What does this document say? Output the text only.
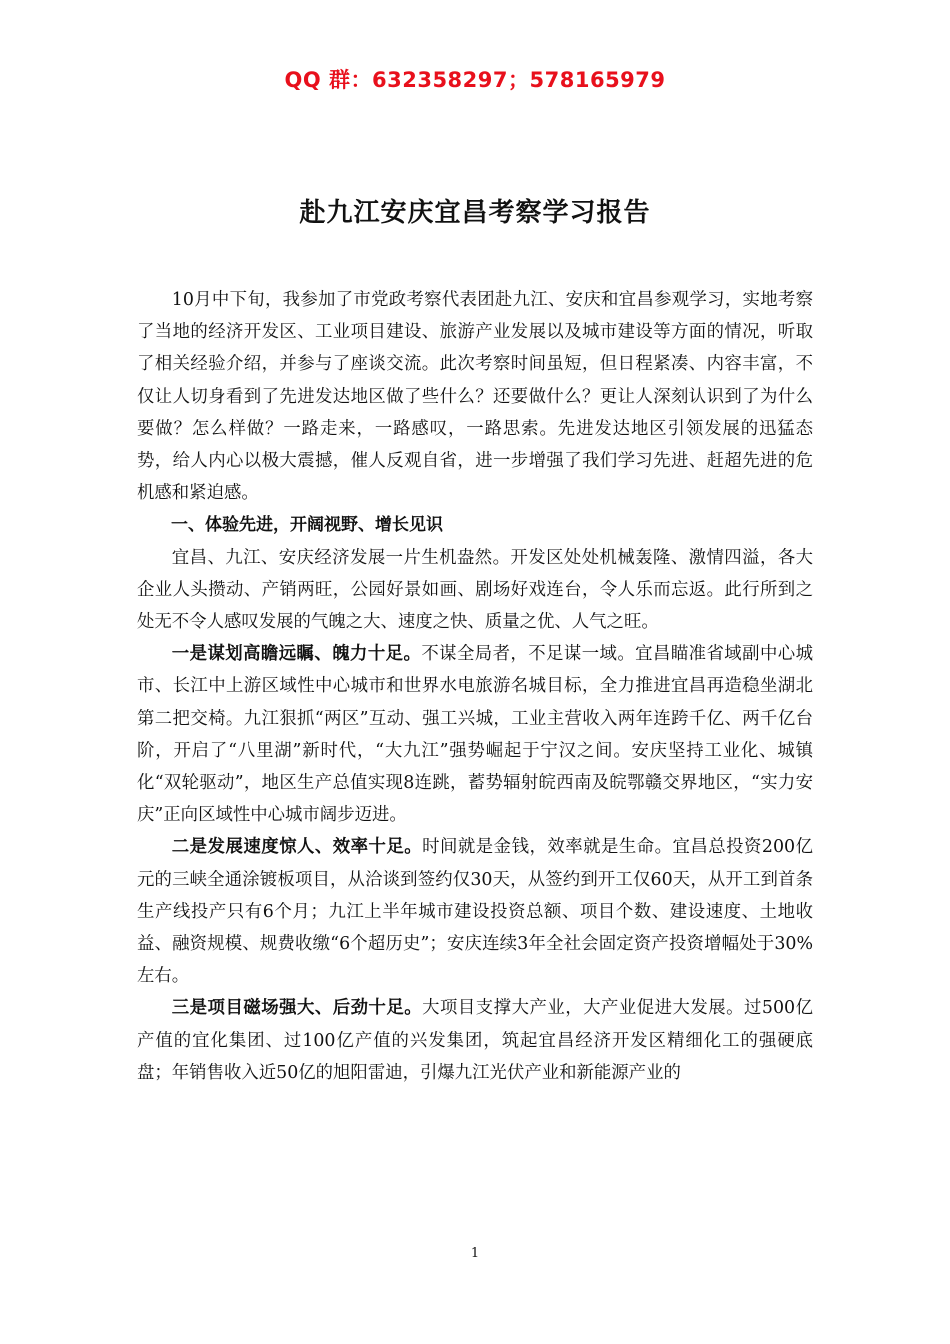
QQ 群：632358297；578165979
赴九江安庆宜昌考察学习报告

10月中下旬，我参加了市党政考察代表团赴九江、安庆和宜昌参观学习，实地考察了当地的经济开发区、工业项目建设、旅游产业发展以及城市建设等方面的情况，听取了相关经验介绍，并参与了座谈交流。此次考察时间虽短，但日程紧凑、内容丰富，不仅让人切身看到了先进发达地区做了些什么？还要做什么？更让人深刻认识到了为什么要做？怎么样做？一路走来，一路感叹，一路思索。先进发达地区引领发展的迅猛态势，给人内心以极大震撼，催人反观自省，进一步增强了我们学习先进、赶超先进的危机感和紧迫感。

一、体验先进，开阔视野、增长见识

宜昌、九江、安庆经济发展一片生机盎然。开发区处处机械轰隆、激情四溢，各大企业人头攒动、产销两旺，公园好景如画、剧场好戏连台，令人乐而忘返。此行所到之处无不令人感叹发展的气魄之大、速度之快、质量之优、人气之旺。

一是谋划高瞻远瞩、魄力十足。不谋全局者，不足谋一域。宜昌瞄准省域副中心城市、长江中上游区域性中心城市和世界水电旅游名城目标，全力推进宜昌再造稳坐湖北第二把交椅。九江狠抓“两区”互动、强工兴城，工业主营收入两年连跨千亿、两千亿台阶，开启了“八里湖”新时代，“大九江”强势崛起于宁汉之间。安庆坚持工业化、城镇化“双轮驱动”，地区生产总值实现8连跳，蓄势辐射皖西南及皖鄂赣交界地区，“实力安庆”正向区域性中心城市阔步迈进。

二是发展速度惊人、效率十足。时间就是金钱，效率就是生命。宜昌总投资200亿元的三峡全通涂镀板项目，从洽谈到签约仅30天，从签约到开工仅60天，从开工到首条生产线投产只有6个月；九江上半年城市建设投资总额、项目个数、建设速度、土地收益、融资规模、规费收缴“6个超历史”；安庆连续3年全社会固定资产投资增幅处于30%左右。

三是项目磁场强大、后劲十足。大项目支撑大产业，大产业促进大发展。过500亿产值的宜化集团、过100亿产值的兴发集团，筑起宜昌经济开发区精细化工的强硬底盘；年销售收入近50亿的旭阳雷迪，引爆九江光伏产业和新能源产业的

1
